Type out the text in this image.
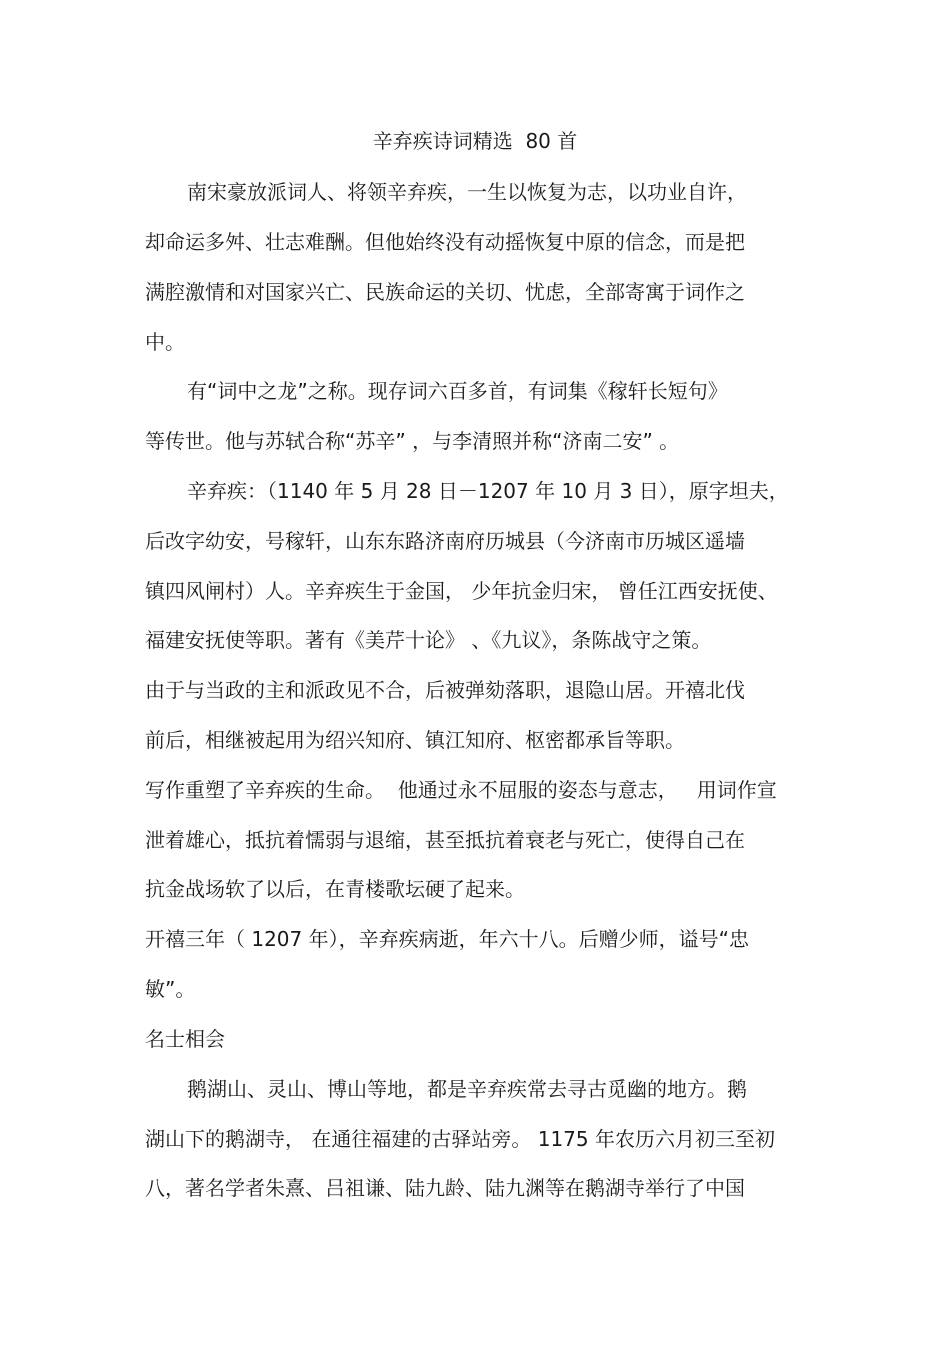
辛弃疾诗词精选  80 首
南宋豪放派词人、将领辛弃疾，一生以恢复为志，以功业自许，
却命运多舛、壮志难酬。但他始终没有动摇恢复中原的信念，而是把
满腔激情和对国家兴亡、民族命运的关切、忧虑，全部寄寓于词作之
中。
有“词中之龙”之称。现存词六百多首，有词集《稼轩长短句》
等传世。他与苏轼合称“苏辛” ，与李清照并称“济南二安” 。
辛弃疾：（1140 年 5 月 28 日－1207 年 10 月 3 日），原字坦夫，
后改字幼安，号稼轩，山东东路济南府历城县（今济南市历城区遥墙
镇四风闸村）人。辛弃疾生于金国， 少年抗金归宋， 曾任江西安抚使、
福建安抚使等职。著有《美芹十论》 、《九议》，条陈战守之策。
由于与当政的主和派政见不合，后被弹劾落职，退隐山居。开禧北伐
前后，相继被起用为绍兴知府、镇江知府、枢密都承旨等职。
写作重塑了辛弃疾的生命。  他通过永不屈服的姿态与意志，   用词作宣
泄着雄心，抵抗着懦弱与退缩，甚至抵抗着衰老与死亡，使得自己在
抗金战场软了以后，在青楼歌坛硬了起来。
开禧三年（ 1207 年），辛弃疾病逝，年六十八。后赠少师，谥号“忠
敏”。
名士相会
鹅湖山、灵山、博山等地，都是辛弃疾常去寻古觅幽的地方。鹅
湖山下的鹅湖寺， 在通往福建的古驿站旁。 1175 年农历六月初三至初
八，著名学者朱熹、吕祖谦、陆九龄、陆九渊等在鹅湖寺举行了中国
